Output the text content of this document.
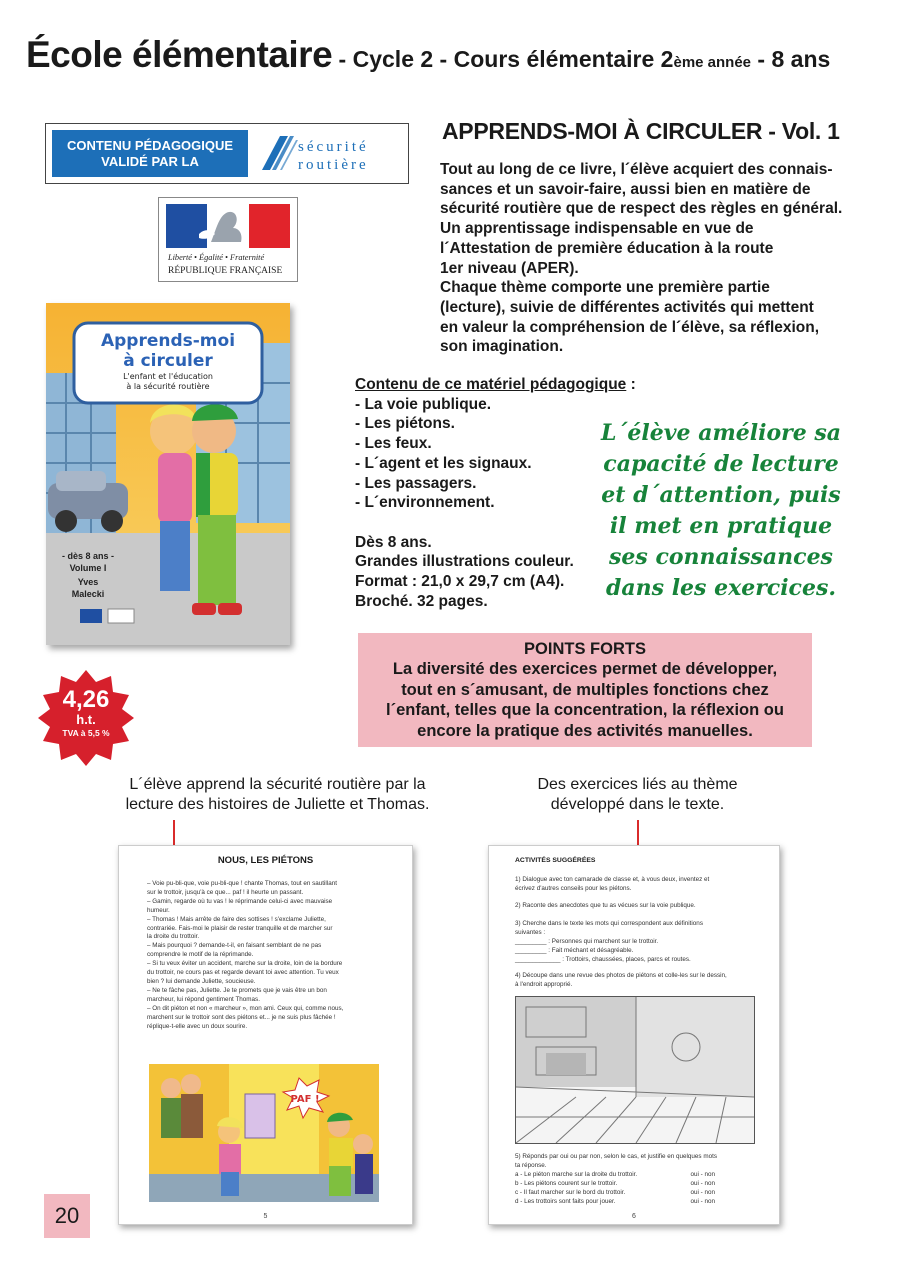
École élémentaire - Cycle 2 - Cours élémentaire 2ème année - 8 ans
CONTENU PÉDAGOGIQUE
VALIDÉ PAR LA
sécurité
routière
Liberté • Égalité • Fraternité
RÉPUBLIQUE FRANÇAISE
Apprends-moi
à circuler
L'enfant et l'éducation
à la sécurité routière
- dès 8 ans -
Volume I
Yves
Malecki
APPRENDS-MOI À CIRCULER - Vol. 1
Tout au long de ce livre, l´élève acquiert des connais-
sances et un savoir-faire, aussi bien en matière de
sécurité routière que de respect des règles en général.
Un apprentissage indispensable en vue de
l´Attestation de première éducation à la route
1er niveau (APER).
Chaque thème comporte une première partie
(lecture), suivie de différentes activités qui mettent
en valeur la compréhension de l´élève, sa réflexion,
son imagination.
Contenu de ce matériel pédagogique :
- La voie publique.
- Les piétons.
- Les feux.
- L´agent et les signaux.
- Les passagers.
- L´environnement.
Dès 8 ans.
Grandes illustrations couleur.
Format : 21,0 x 29,7 cm (A4).
Broché. 32 pages.
L´élève améliore sa
capacité de lecture
et d´attention, puis
il met en pratique
ses connaissances
dans les exercices.
POINTS FORTS
La diversité des exercices permet de développer,
tout en s´amusant, de multiples fonctions chez
l´enfant, telles que la concentration, la réflexion ou
encore la pratique des activités manuelles.
4,26
h.t.
TVA à 5,5 %
L´élève apprend la sécurité routière par la
lecture des histoires de Juliette et Thomas.
Des exercices liés au thème
développé dans le texte.
NOUS, LES PIÉTONS
– Voie pu-bli-que, voie pu-bli-que ! chante Thomas, tout en sautillant
sur le trottoir, jusqu'à ce que... paf ! il heurte un passant.
– Gamin, regarde où tu vas ! le réprimande celui-ci avec mauvaise
humeur.
– Thomas ! Mais arrête de faire des sottises ! s'exclame Juliette,
contrariée. Fais-moi le plaisir de rester tranquille et de marcher sur
la droite du trottoir.
– Mais pourquoi ? demande-t-il, en faisant semblant de ne pas
comprendre le motif de la réprimande.
– Si tu veux éviter un accident, marche sur la droite, loin de la bordure
du trottoir, ne cours pas et regarde devant toi avec attention. Tu veux
bien ? lui demande Juliette, soucieuse.
– Ne te fâche pas, Juliette. Je te promets que je vais être un bon
marcheur, lui répond gentiment Thomas.
– On dit piéton et non « marcheur », mon ami. Ceux qui, comme nous,
marchent sur le trottoir sont des piétons et... je ne suis plus fâchée !
réplique-t-elle avec un doux sourire.
PAF !
5
ACTIVITÉS SUGGÉRÉES
1) Dialogue avec ton camarade de classe et, à vous deux, inventez et
écrivez d'autres conseils pour les piétons.
2) Raconte des anecdotes que tu as vécues sur la voie publique.
3) Cherche dans le texte les mots qui correspondent aux définitions
suivantes :
_________ : Personnes qui marchent sur le trottoir.
_________ : Fait méchant et désagréable.
_____________ : Trottoirs, chaussées, places, parcs et routes.
4) Découpe dans une revue des photos de piétons et colle-les sur le dessin,
à l'endroit approprié.
5) Réponds par oui ou par non, selon le cas, et justifie en quelques mots
ta réponse.
a - Le piéton marche sur la droite du trottoir.	oui - non
b - Les piétons courent sur le trottoir.	oui - non
c - Il faut marcher sur le bord du trottoir.	oui - non
d - Les trottoirs sont faits pour jouer.	oui - non
6
20
